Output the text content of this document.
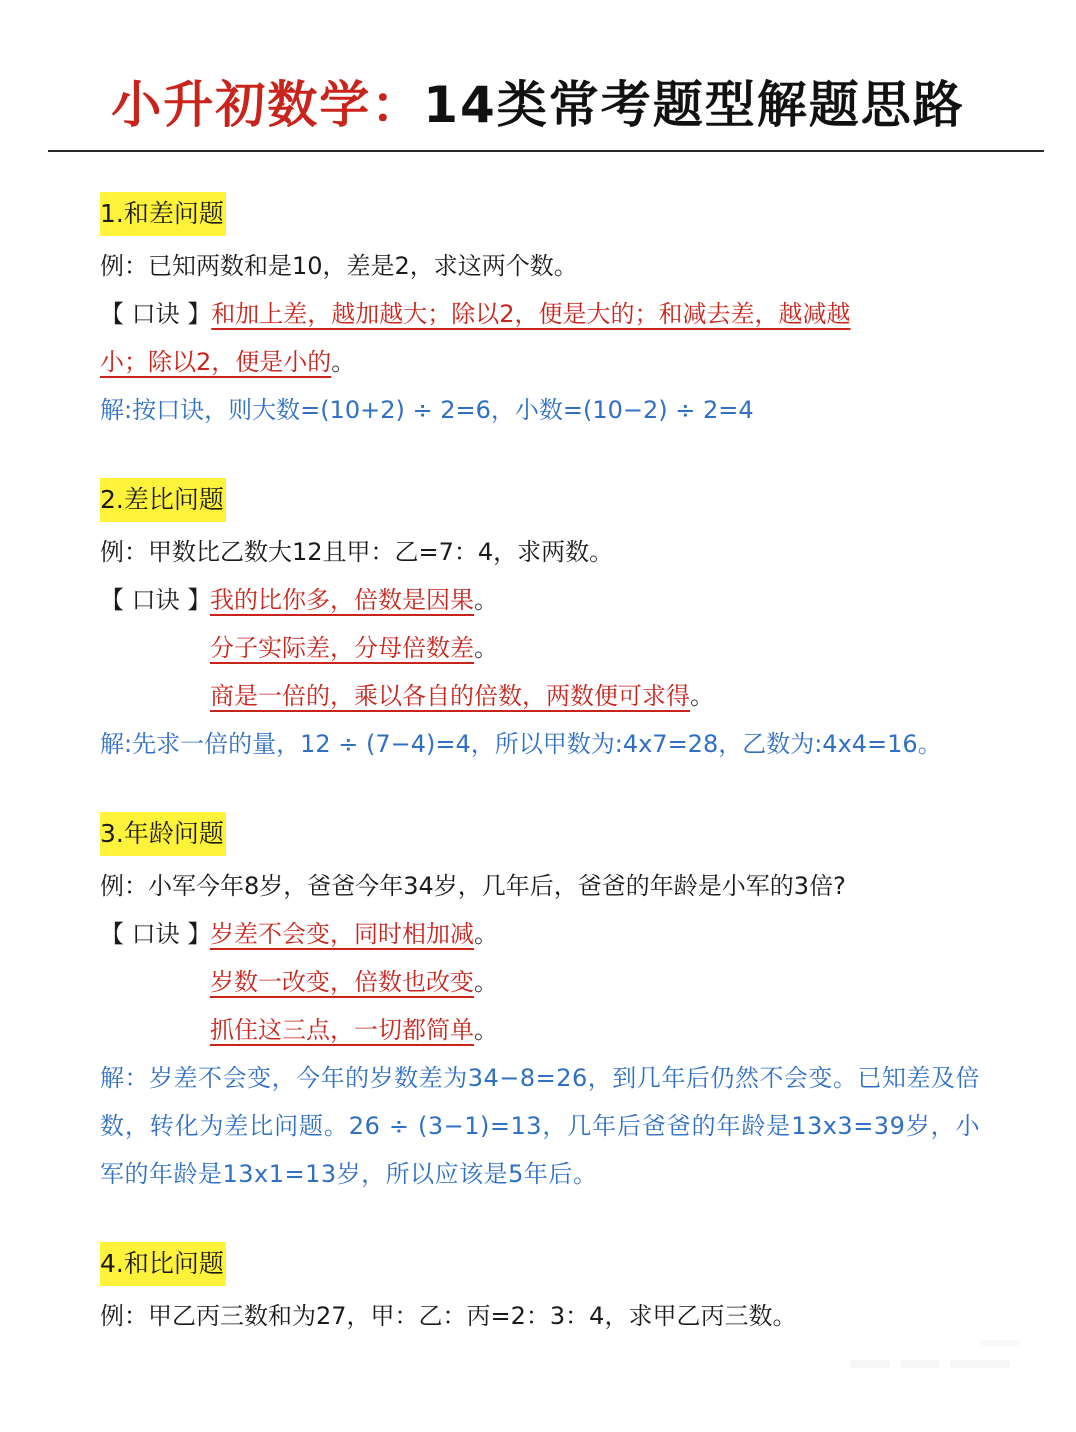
小升初数学：14类常考题型解题思路
1.和差问题
例：已知两数和是10，差是2，求这两个数。
【 口诀 】和加上差，越加越大；除以2，便是大的；和减去差，越减越
小；除以2，便是小的。
解:按口诀，则大数=(10+2) ÷ 2=6，小数=(10−2) ÷ 2=4
2.差比问题
例：甲数比乙数大12且甲：乙=7：4，求两数。
【 口诀 】我的比你多，倍数是因果。
分子实际差，分母倍数差。
商是一倍的，乘以各自的倍数，两数便可求得。
解:先求一倍的量，12 ÷ (7−4)=4，所以甲数为:4x7=28，乙数为:4x4=16。
3.年龄问题
例：小军今年8岁，爸爸今年34岁，几年后，爸爸的年龄是小军的3倍?
【 口诀 】岁差不会变，同时相加减。
岁数一改变，倍数也改变。
抓住这三点，一切都简单。
解：岁差不会变，今年的岁数差为34−8=26，到几年后仍然不会变。已知差及倍数，转化为差比问题。26 ÷ (3−1)=13，几年后爸爸的年龄是13x3=39岁，小军的年龄是13x1=13岁，所以应该是5年后。
4.和比问题
例：甲乙丙三数和为27，甲：乙：丙=2：3：4，求甲乙丙三数。
